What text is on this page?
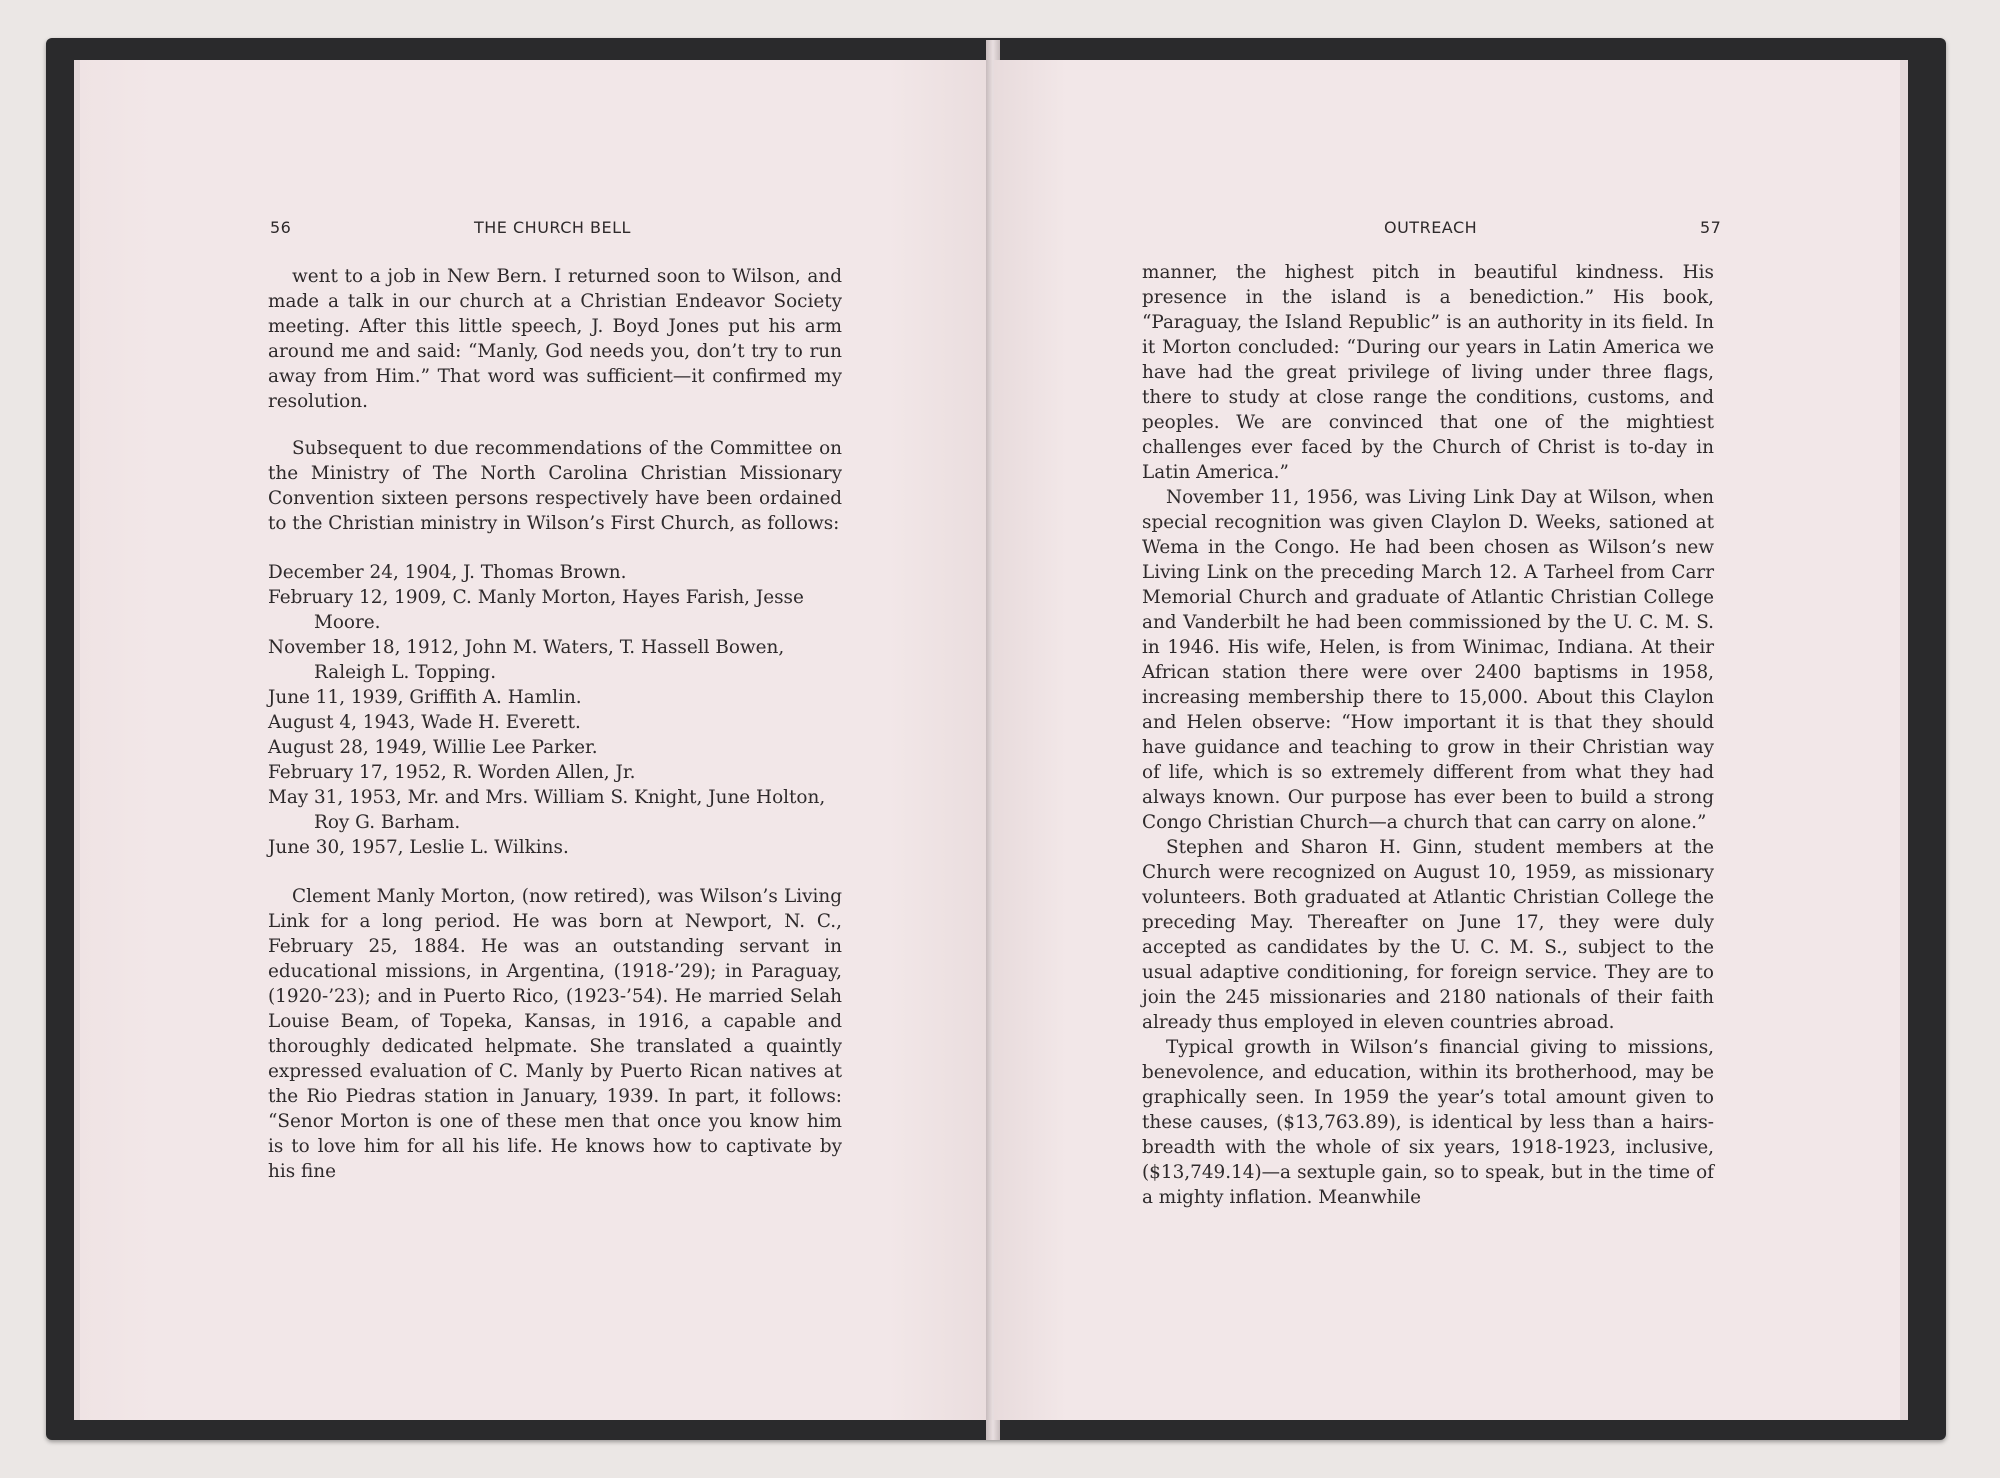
56	THE CHURCH BELL

went to a job in New Bern. I returned soon to Wilson, and made a talk in our church at a Christian Endeavor Society meeting. After this little speech, J. Boyd Jones put his arm around me and said: “Manly, God needs you, don’t try to run away from Him.” That word was sufficient—it confirmed my resolution.

Subsequent to due recommendations of the Committee on the Ministry of The North Carolina Christian Missionary Convention sixteen persons respectively have been ordained to the Christian ministry in Wilson’s First Church, as follows:

December 24, 1904, J. Thomas Brown.

February 12, 1909, C. Manly Morton, Hayes Farish, Jesse Moore.

November 18, 1912, John M. Waters, T. Hassell Bowen, Raleigh L. Topping.

June 11, 1939, Griffith A. Hamlin.

August 4, 1943, Wade H. Everett.

August 28, 1949, Willie Lee Parker.

February 17, 1952, R. Worden Allen, Jr.

May 31, 1953, Mr. and Mrs. William S. Knight, June Holton, Roy G. Barham.

June 30, 1957, Leslie L. Wilkins.

Clement Manly Morton, (now retired), was Wilson’s Living Link for a long period. He was born at Newport, N. C., February 25, 1884. He was an outstanding servant in educational missions, in Argentina, (1918-’29); in Paraguay, (1920-’23); and in Puerto Rico, (1923-’54). He married Selah Louise Beam, of Topeka, Kansas, in 1916, a capable and thoroughly dedicated helpmate. She translated a quaintly expressed evaluation of C. Manly by Puerto Rican natives at the Rio Piedras station in January, 1939. In part, it follows: “Senor Morton is one of these men that once you know him is to love him for all his life. He knows how to captivate by his fine

OUTREACH	57

manner, the highest pitch in beautiful kindness. His presence in the island is a benediction.” His book, “Paraguay, the Island Republic” is an authority in its field. In it Morton concluded: “During our years in Latin America we have had the great privilege of living under three flags, there to study at close range the conditions, customs, and peoples. We are convinced that one of the mightiest challenges ever faced by the Church of Christ is to-day in Latin America.”

November 11, 1956, was Living Link Day at Wilson, when special recognition was given Claylon D. Weeks, sationed at Wema in the Congo. He had been chosen as Wilson’s new Living Link on the preceding March 12. A Tarheel from Carr Memorial Church and graduate of Atlantic Christian College and Vanderbilt he had been commissioned by the U. C. M. S. in 1946. His wife, Helen, is from Winimac, Indiana. At their African station there were over 2400 baptisms in 1958, increasing membership there to 15,000. About this Claylon and Helen observe: “How important it is that they should have guidance and teaching to grow in their Christian way of life, which is so extremely different from what they had always known. Our purpose has ever been to build a strong Congo Christian Church—a church that can carry on alone.”

Stephen and Sharon H. Ginn, student members at the Church were recognized on August 10, 1959, as missionary volunteers. Both graduated at Atlantic Christian College the preceding May. Thereafter on June 17, they were duly accepted as candidates by the U. C. M. S., subject to the usual adaptive conditioning, for foreign service. They are to join the 245 missionaries and 2180 nationals of their faith already thus employed in eleven countries abroad.

Typical growth in Wilson’s financial giving to missions, benevolence, and education, within its brotherhood, may be graphically seen. In 1959 the year’s total amount given to these causes, ($13,763.89), is identical by less than a hairs-breadth with the whole of six years, 1918-1923, inclusive, ($13,749.14)—a sextuple gain, so to speak, but in the time of a mighty inflation. Meanwhile
